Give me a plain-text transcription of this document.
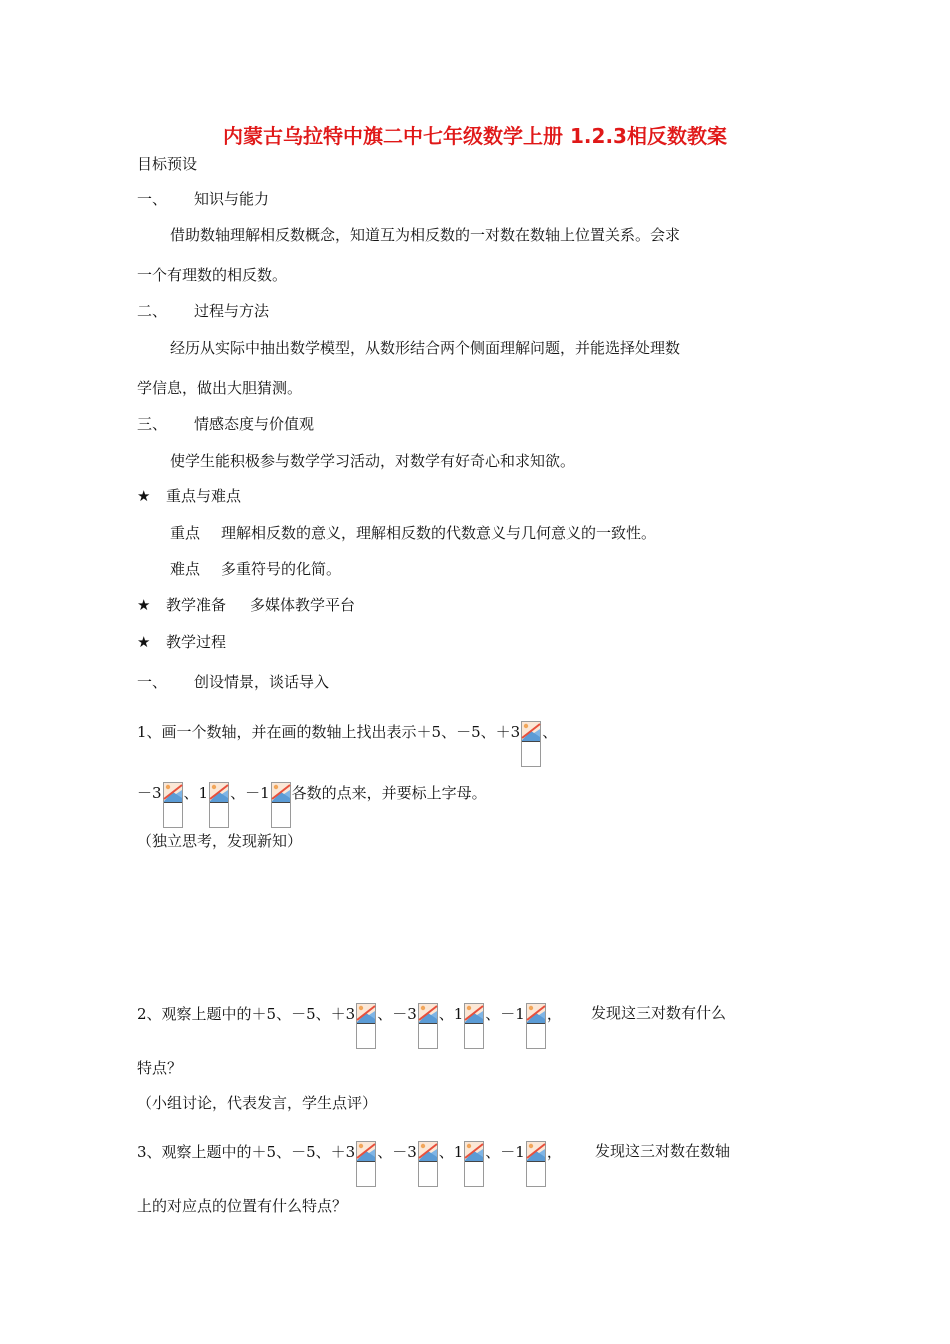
内蒙古乌拉特中旗二中七年级数学上册 1.2.3相反数教案
目标预设
一、 知识与能力
借助数轴理解相反数概念，知道互为相反数的一对数在数轴上位置关系。会求
一个有理数的相反数。
二、 过程与方法
经历从实际中抽出数学模型，从数形结合两个侧面理解问题，并能选择处理数
学信息，做出大胆猜测。
三、 情感态度与价值观
使学生能积极参与数学学习活动，对数学有好奇心和求知欲。
★ 重点与难点
重点 理解相反数的意义，理解相反数的代数意义与几何意义的一致性。
难点 多重符号的化简。
★ 教学准备 多媒体教学平台
★ 教学过程
一、 创设情景，谈话导入
1、画一个数轴，并在画的数轴上找出表示＋5、－5、＋3 、
－3 、1 、－1 各数的点来，并要标上字母。
（独立思考，发现新知）
2、观察上题中的＋5、－5、＋3 、－3 、1 、－1 ， 发现这三对数有什么
特点？
（小组讨论，代表发言，学生点评）
3、观察上题中的＋5、－5、＋3 、－3 、1 、－1 ， 发现这三对数在数轴
上的对应点的位置有什么特点？
